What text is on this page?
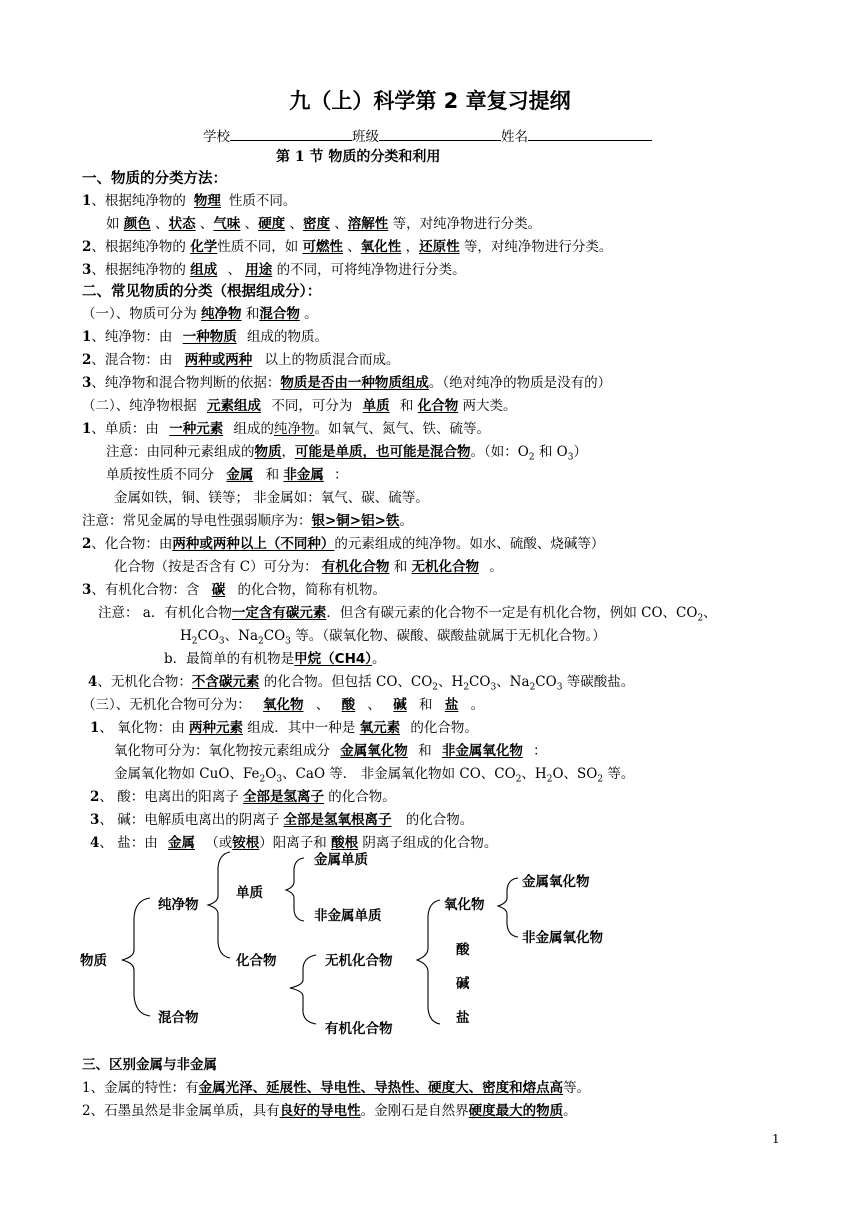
九（上）科学第 2 章复习提纲
学校	班级	姓名
第 1 节 物质的分类和利用
一、物质的分类方法：
1、根据纯净物的 物理 性质不同。
如 颜色 、状态 、气味 、硬度 、密度 、溶解性 等，对纯净物进行分类。
2、根据纯净物的 化学性质不同，如 可燃性 、氧化性 ，还原性 等，对纯净物进行分类。
3、根据纯净物的 组成 、 用途 的不同，可将纯净物进行分类。
二、常见物质的分类（根据组成分）：
（一）、物质可分为 纯净物 和混合物 。
1、纯净物：由 一种物质 组成的物质。
2、混合物：由 两种或两种 以上的物质混合而成。
3、纯净物和混合物判断的依据：物质是否由一种物质组成。（绝对纯净的物质是没有的）
（二）、纯净物根据 元素组成 不同，可分为 单质 和 化合物 两大类。
1、单质：由 一种元素 组成的纯净物。如氧气、氮气、铁、硫等。
注意：由同种元素组成的物质，可能是单质，也可能是混合物。（如：$O_2$ 和 $O_3$）
单质按性质不同分 金属 和 非金属 ：
金属如铁，铜、镁等； 非金属如：氧气、碳、硫等。
注意：常见金属的导电性强弱顺序为：银>铜>铝>铁。
2、化合物：由两种或两种以上（不同种）的元素组成的纯净物。如水、硫酸、烧碱等）
化合物（按是否含有 C）可分为： 有机化合物 和 无机化合物 。
3、有机化合物：含 碳 的化合物，简称有机物。
注意： a．有机化合物一定含有碳元素．但含有碳元素的化合物不一定是有机化合物，例如 CO、$CO_2$、
$H_2CO_3$、$Na_2CO_3$ 等。（碳氧化物、碳酸、碳酸盐就属于无机化合物。）
b．最简单的有机物是甲烷（CH4）。
4、无机化合物：不含碳元素 的化合物。但包括 CO、$CO_2$、$H_2CO_3$、$Na_2CO_3$ 等碳酸盐。
（三）、无机化合物可分为： 氧化物 、 酸 、 碱 和 盐 。
1、 氧化物：由 两种元素 组成．其中一种是 氧元素 的化合物。
氧化物可分为：氧化物按元素组成分 金属氧化物 和 非金属氧化物 ：
金属氧化物如 CuO、$Fe_2O_3$、CaO 等． 非金属氧化物如 CO、$CO_2$、$H_2O$、$SO_2$ 等。
2、 酸：电离出的阳离子 全部是氢离子 的化合物。
3、 碱：电解质电离出的阴离子 全部是氢氧根离子 的化合物。
4、 盐：由 金属 （或铵根）阳离子和 酸根 阴离子组成的化合物。
物质
纯净物
混合物
单质
化合物
金属单质
非金属单质
无机化合物
有机化合物
氧化物
酸
碱
盐
金属氧化物
非金属氧化物
三、区别金属与非金属
1、金属的特性：有金属光泽、延展性、导电性、导热性、硬度大、密度和熔点高等。
2、石墨虽然是非金属单质，具有良好的导电性。金刚石是自然界硬度最大的物质。
1
